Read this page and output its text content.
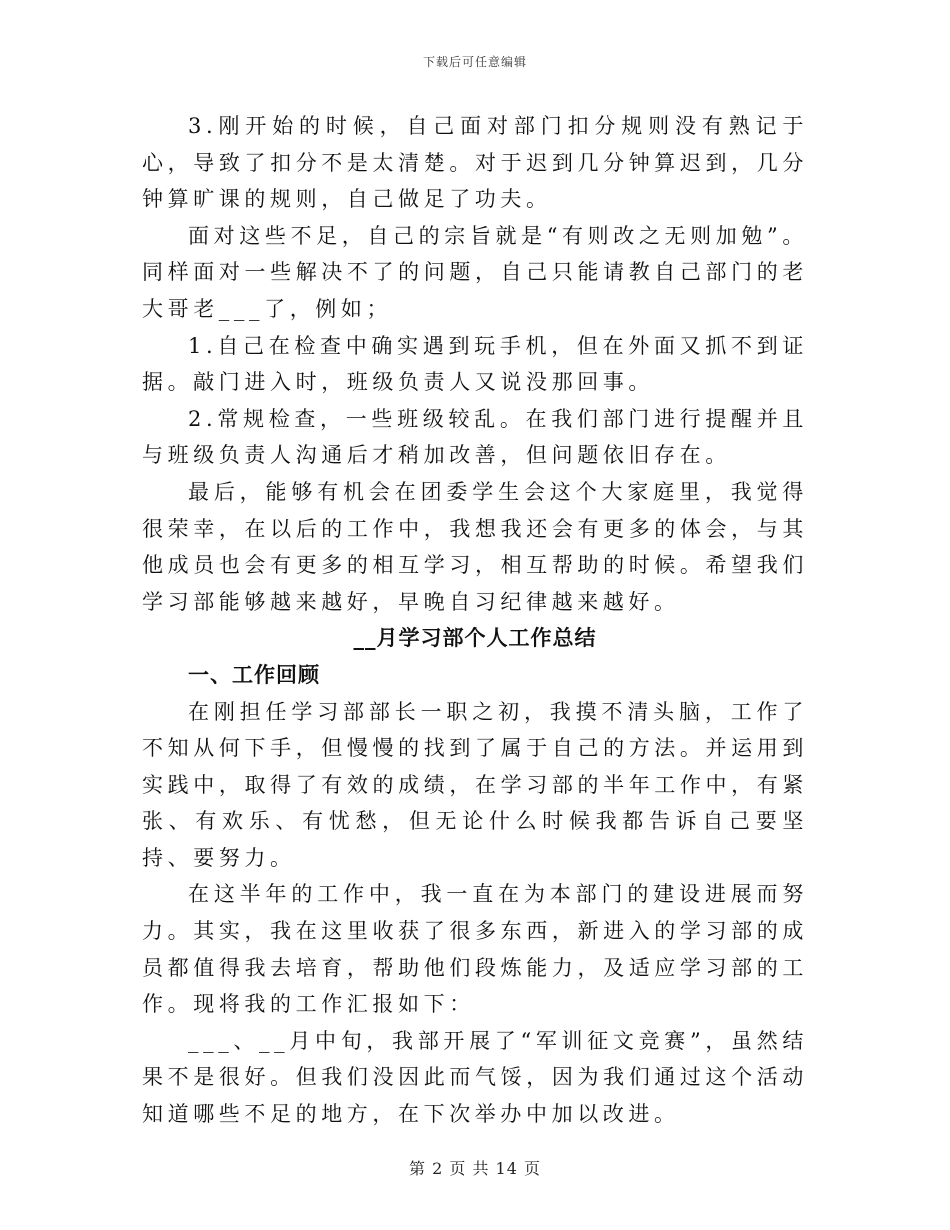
下载后可任意编辑

3.刚开始的时候，自己面对部门扣分规则没有熟记于心，导致了扣分不是太清楚。对于迟到几分钟算迟到，几分钟算旷课的规则，自己做足了功夫。

面对这些不足，自己的宗旨就是“有则改之无则加勉”。同样面对一些解决不了的问题，自己只能请教自己部门的老大哥老___了，例如；

1.自己在检查中确实遇到玩手机，但在外面又抓不到证据。敲门进入时，班级负责人又说没那回事。

2.常规检查，一些班级较乱。在我们部门进行提醒并且与班级负责人沟通后才稍加改善，但问题依旧存在。

最后，能够有机会在团委学生会这个大家庭里，我觉得很荣幸，在以后的工作中，我想我还会有更多的体会，与其他成员也会有更多的相互学习，相互帮助的时候。希望我们学习部能够越来越好，早晚自习纪律越来越好。

__月学习部个人工作总结

一、工作回顾

在刚担任学习部部长一职之初，我摸不清头脑，工作了不知从何下手，但慢慢的找到了属于自己的方法。并运用到实践中，取得了有效的成绩，在学习部的半年工作中，有紧张、有欢乐、有忧愁，但无论什么时候我都告诉自己要坚持、要努力。

在这半年的工作中，我一直在为本部门的建设进展而努力。其实，我在这里收获了很多东西，新进入的学习部的成员都值得我去培育，帮助他们段炼能力，及适应学习部的工作。现将我的工作汇报如下：

___、__月中旬，我部开展了“军训征文竞赛”，虽然结果不是很好。但我们没因此而气馁，因为我们通过这个活动知道哪些不足的地方，在下次举办中加以改进。

第 2 页 共 14 页
